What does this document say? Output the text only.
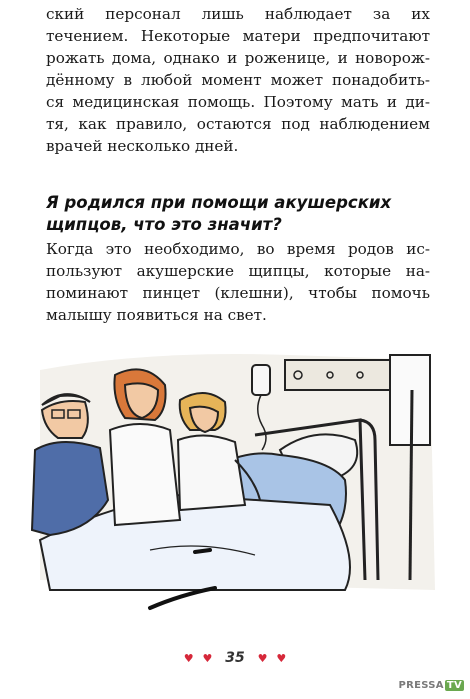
ский персонал лишь наблюдает за их
течением. Некоторые матери предпочитают
рожать дома, однако и роженице, и новорож-
дённому в любой момент может понадобить-
ся медицинская помощь. Поэтому мать и ди-
тя, как правило, остаются под наблюдением
врачей несколько дней.
Я родился при помощи акушерских
щипцов, что это значит?
Когда это необходимо, во время родов ис-
пользуют акушерские щипцы, которые на-
поминают пинцет (клешни), чтобы помочь
малышу появиться на свет.
♥ ♥ 35 ♥ ♥
PRESSA TV
